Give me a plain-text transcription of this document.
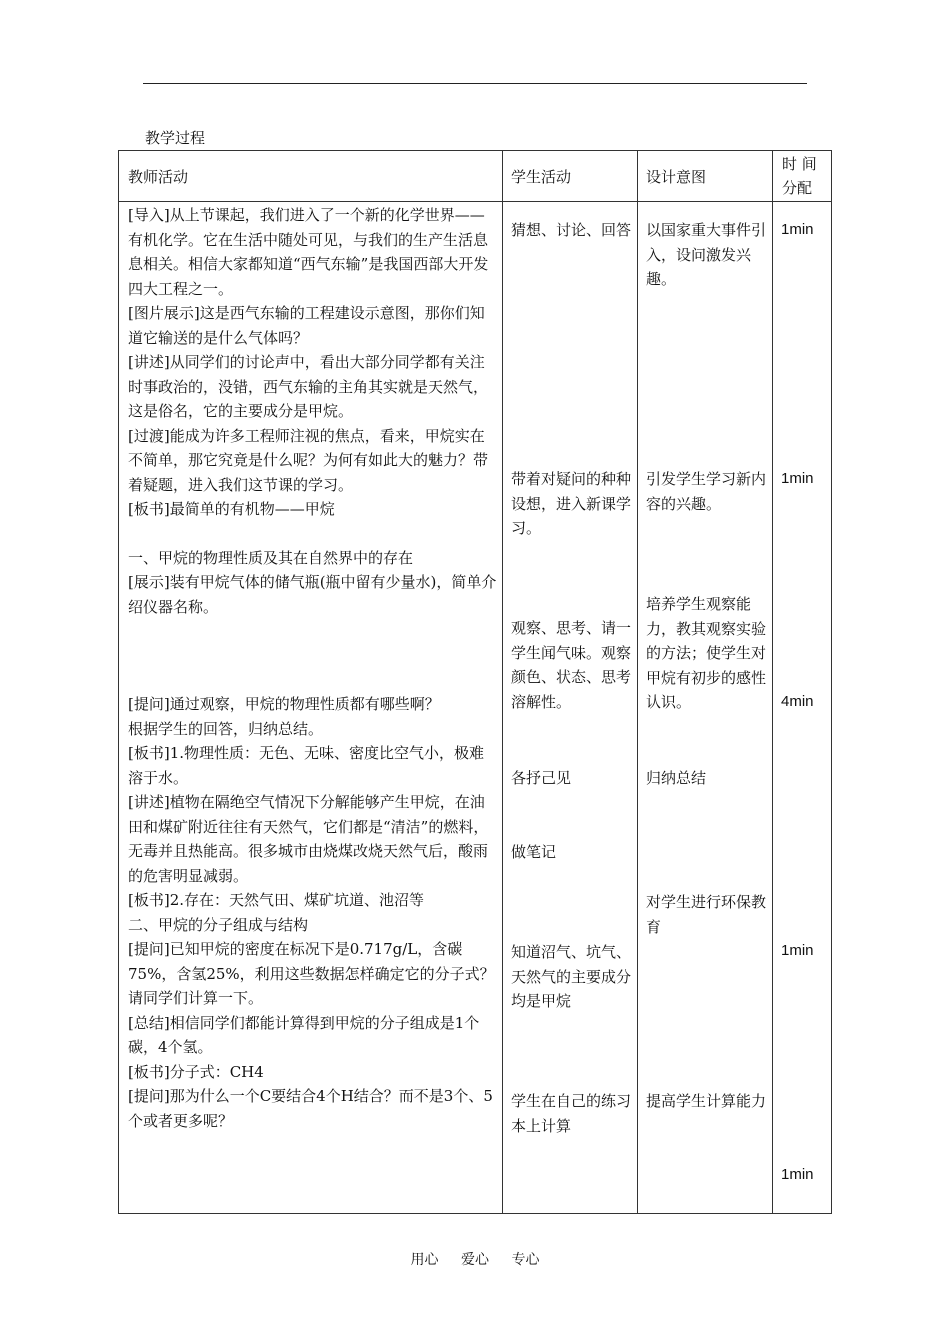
教学过程
教师活动	学生活动	设计意图
时 间
分配

[导入]从上节课起，我们进入了一个新的化学世界——有机化学。它在生活中随处可见，与我们的生产生活息息相关。相信大家都知道“西气东输”是我国西部大开发四大工程之一。

[图片展示]这是西气东输的工程建设示意图，那你们知道它输送的是什么气体吗？

[讲述]从同学们的讨论声中，看出大部分同学都有关注时事政治的，没错，西气东输的主角其实就是天然气，这是俗名，它的主要成分是甲烷。

[过渡]能成为许多工程师注视的焦点，看来，甲烷实在不简单，那它究竟是什么呢？为何有如此大的魅力？带着疑题，进入我们这节课的学习。

[板书]最简单的有机物——甲烷

一、甲烷的物理性质及其在自然界中的存在

[展示]装有甲烷气体的储气瓶(瓶中留有少量水)，简单介绍仪器名称。

[提问]通过观察，甲烷的物理性质都有哪些啊？

根据学生的回答，归纳总结。

[板书]1.物理性质：无色、无味、密度比空气小，极难溶于水。

[讲述]植物在隔绝空气情况下分解能够产生甲烷，在油田和煤矿附近往往有天然气，它们都是“清洁”的燃料，无毒并且热能高。很多城市由烧煤改烧天然气后，酸雨的危害明显减弱。

[板书]2.存在：天然气田、煤矿坑道、池沼等

二、甲烷的分子组成与结构

[提问]已知甲烷的密度在标况下是0.717g/L，含碳75%，含氢25%，利用这些数据怎样确定它的分子式？请同学们计算一下。

[总结]相信同学们都能计算得到甲烷的分子组成是1个碳，4个氢。

[板书]分子式：CH4

[提问]那为什么一个C要结合4个H结合？而不是3个、5个或者更多呢？

猜想、讨论、回答
带着对疑问的种种设想，进入新课学习。
观察、思考、请一学生闻气味。观察颜色、状态、思考溶解性。
各抒己见
做笔记
知道沼气、坑气、天然气的主要成分均是甲烷
学生在自己的练习本上计算
以国家重大事件引入，设问激发兴趣。
引发学生学习新内容的兴趣。
培养学生观察能力，教其观察实验的方法；使学生对甲烷有初步的感性认识。
归纳总结
对学生进行环保教育
提高学生计算能力
1min
1min
4min
1min
1min
用心 爱心 专心
